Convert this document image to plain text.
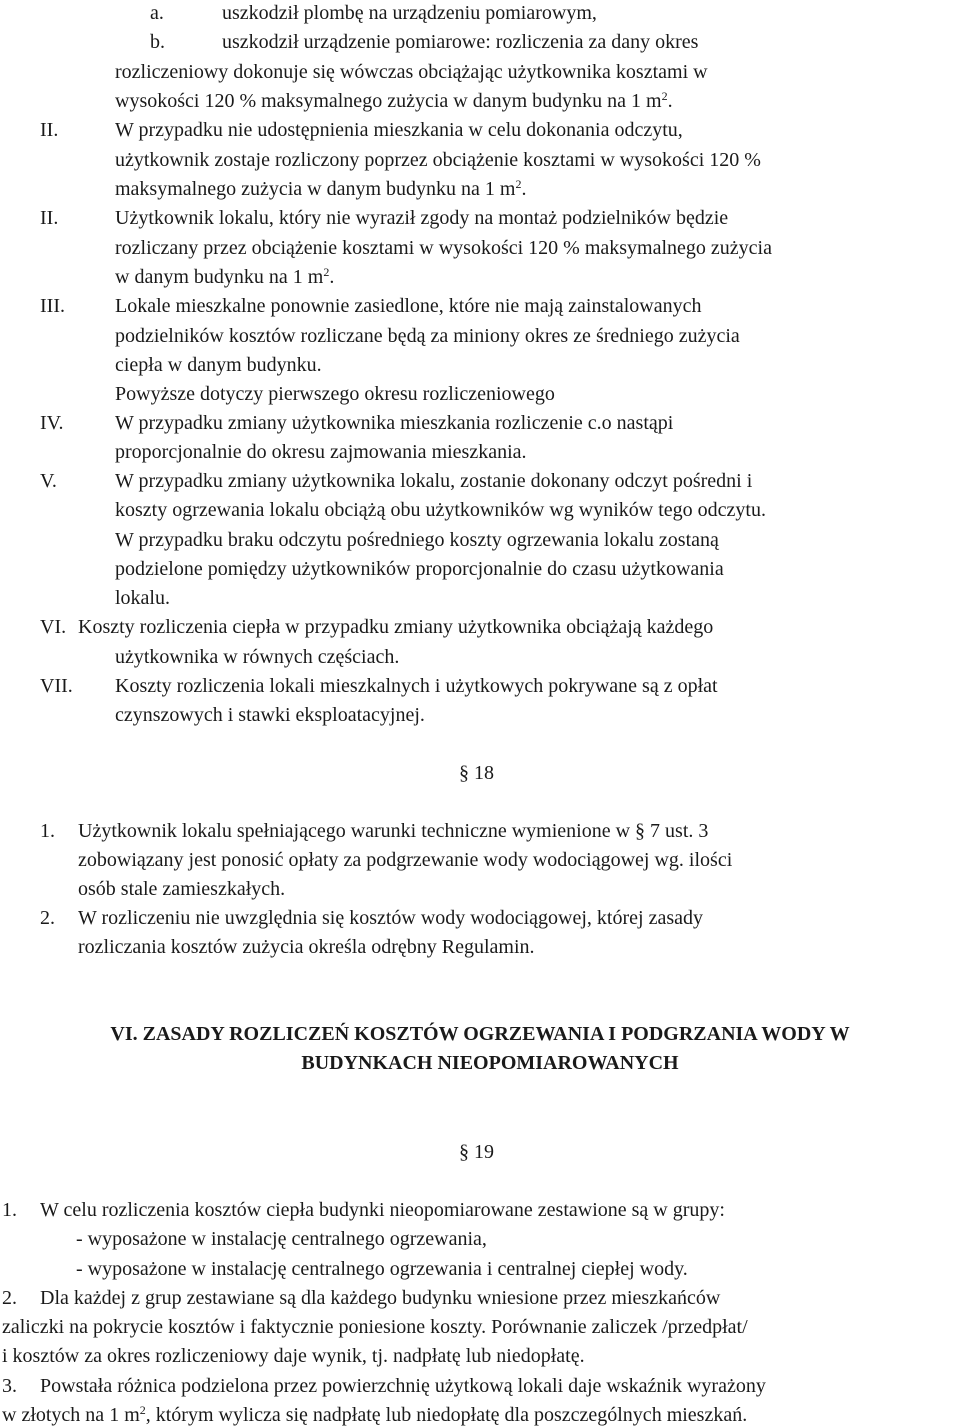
a.	uszkodził plombę na urządzeniu pomiarowym,
b.	uszkodził urządzenie pomiarowe: rozliczenia za dany okres
rozliczeniowy dokonuje się wówczas obciążając użytkownika kosztami w
wysokości 120 % maksymalnego zużycia w danym budynku na 1 $m^2$.
II.	W przypadku nie udostępnienia mieszkania w celu dokonania odczytu,
użytkownik zostaje rozliczony poprzez obciążenie kosztami w wysokości 120 %
maksymalnego zużycia w danym budynku na 1 $m^2$.
II.	Użytkownik lokalu, który nie wyraził zgody na montaż podzielników będzie
rozliczany przez obciążenie kosztami w wysokości 120 % maksymalnego zużycia
w danym budynku na 1 $m^2$.
III.	Lokale mieszkalne ponownie zasiedlone, które nie mają zainstalowanych
podzielników kosztów rozliczane będą za miniony okres ze średniego zużycia
ciepła w danym budynku.
Powyższe dotyczy pierwszego okresu rozliczeniowego
IV.	W przypadku zmiany użytkownika mieszkania rozliczenie c.o nastąpi
proporcjonalnie do okresu zajmowania mieszkania.
V.	W przypadku zmiany użytkownika lokalu, zostanie dokonany odczyt pośredni i
koszty ogrzewania lokalu obciążą obu użytkowników wg wyników tego odczytu.
W przypadku braku odczytu pośredniego koszty ogrzewania lokalu zostaną
podzielone pomiędzy użytkowników proporcjonalnie do czasu użytkowania
lokalu.
VI. Koszty rozliczenia ciepła w przypadku zmiany użytkownika obciążają każdego
użytkownika w równych częściach.
VII. Koszty rozliczenia lokali mieszkalnych i użytkowych pokrywane są z opłat
czynszowych i stawki eksploatacyjnej.
§ 18
1. Użytkownik lokalu spełniającego warunki techniczne wymienione w § 7 ust. 3
zobowiązany jest ponosić opłaty za podgrzewanie wody wodociągowej wg. ilości
osób stale zamieszkałych.
2. W rozliczeniu nie uwzględnia się kosztów wody wodociągowej, której zasady
rozliczania kosztów zużycia określa odrębny Regulamin.
VI. ZASADY ROZLICZEŃ KOSZTÓW OGRZEWANIA I PODGRZANIA WODY W
BUDYNKACH NIEOPOMIAROWANYCH
§ 19
1. W celu rozliczenia kosztów ciepła budynki nieopomiarowane zestawione są w grupy:
- wyposażone w instalację centralnego ogrzewania,
- wyposażone w instalację centralnego ogrzewania i centralnej ciepłej wody.
2. Dla każdej z grup zestawiane są dla każdego budynku wniesione przez mieszkańców
zaliczki na pokrycie kosztów i faktycznie poniesione koszty. Porównanie zaliczek /przedpłat/
i kosztów za okres rozliczeniowy daje wynik, tj. nadpłatę lub niedopłatę.
3. Powstała różnica podzielona przez powierzchnię użytkową lokali daje wskaźnik wyrażony
w złotych na 1 $m^2$, którym wylicza się nadpłatę lub niedopłatę dla poszczególnych mieszkań.
